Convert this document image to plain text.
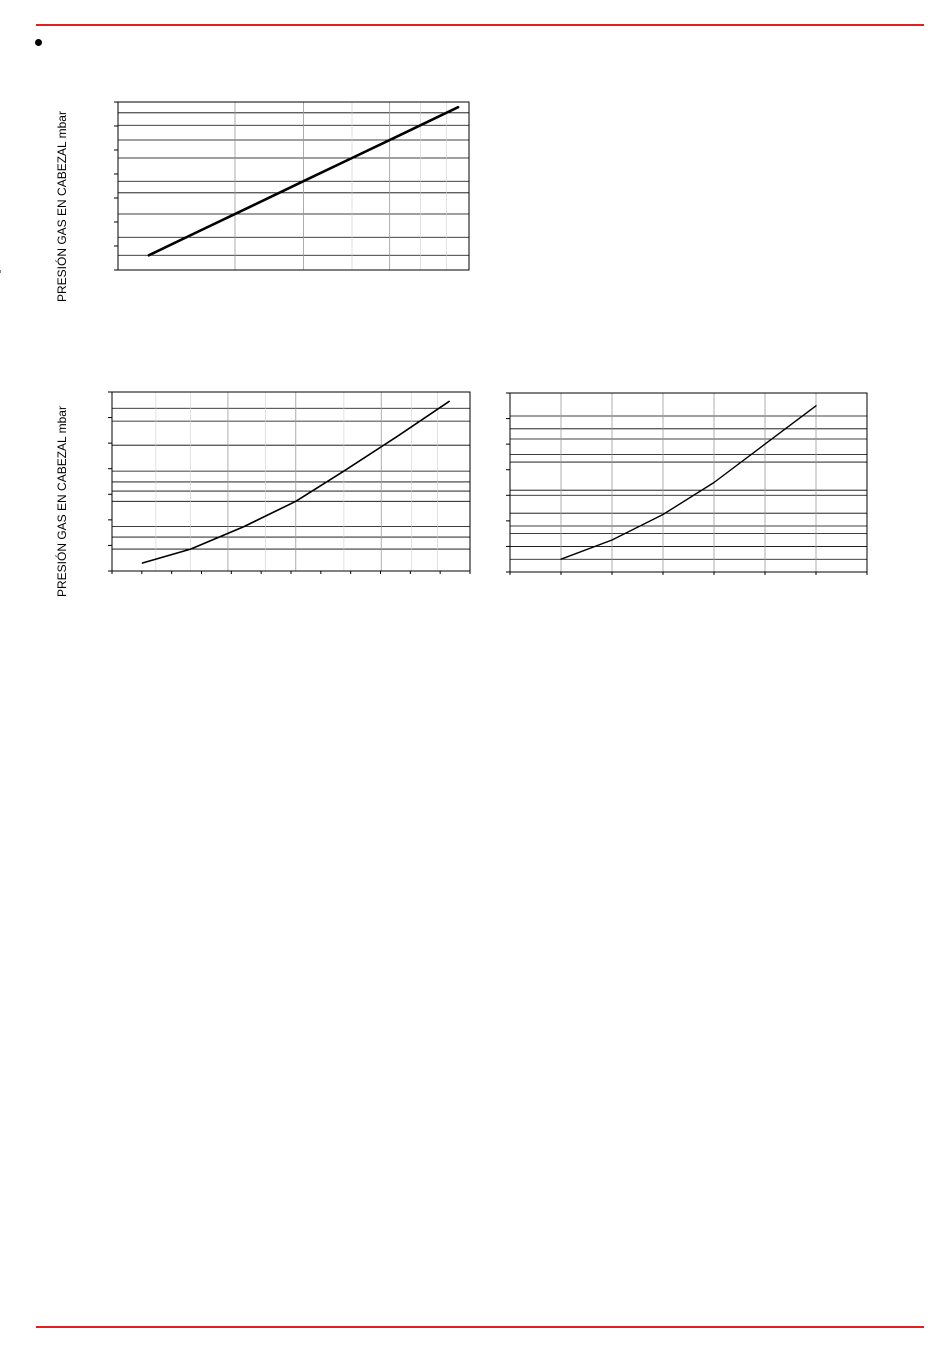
PRESIÓN GAS EN CABEZAL mbar
PRESIÓN GAS EN CABEZAL mbar
